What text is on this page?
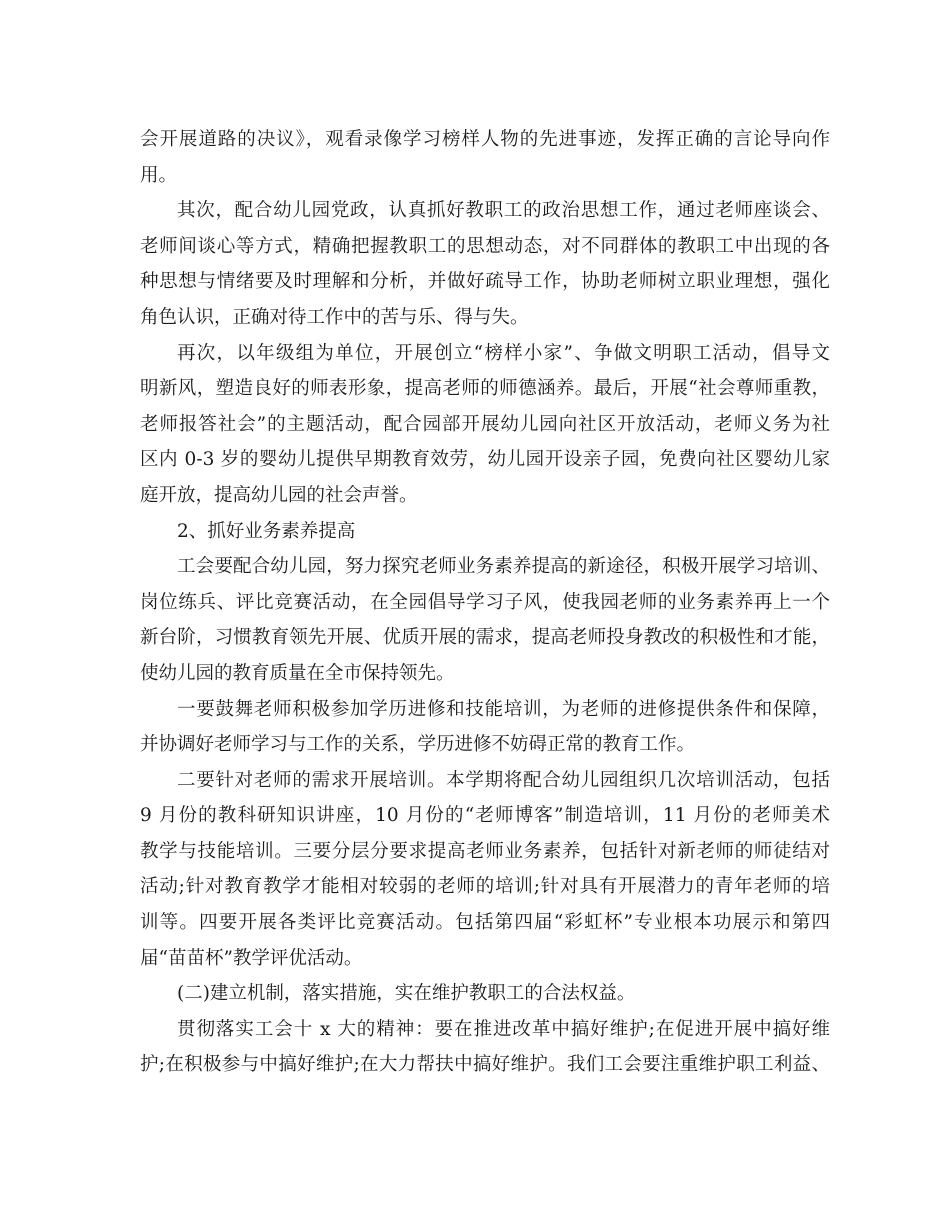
会开展道路的决议》，观看录像学习榜样人物的先进事迹，发挥正确的言论导向作
用。
其次，配合幼儿园党政，认真抓好教职工的政治思想工作，通过老师座谈会、
老师间谈心等方式，精确把握教职工的思想动态，对不同群体的教职工中出现的各
种思想与情绪要及时理解和分析，并做好疏导工作，协助老师树立职业理想，强化
角色认识，正确对待工作中的苦与乐、得与失。
再次，以年级组为单位，开展创立“榜样小家”、争做文明职工活动，倡导文
明新风，塑造良好的师表形象，提高老师的师德涵养。最后，开展“社会尊师重教，
老师报答社会”的主题活动，配合园部开展幼儿园向社区开放活动，老师义务为社
区内 0-3 岁的婴幼儿提供早期教育效劳，幼儿园开设亲子园，免费向社区婴幼儿家
庭开放，提高幼儿园的社会声誉。
2、抓好业务素养提高
工会要配合幼儿园，努力探究老师业务素养提高的新途径，积极开展学习培训、
岗位练兵、评比竞赛活动，在全园倡导学习子风，使我园老师的业务素养再上一个
新台阶，习惯教育领先开展、优质开展的需求，提高老师投身教改的积极性和才能，
使幼儿园的教育质量在全市保持领先。
一要鼓舞老师积极参加学历进修和技能培训，为老师的进修提供条件和保障，
并协调好老师学习与工作的关系，学历进修不妨碍正常的教育工作。
二要针对老师的需求开展培训。本学期将配合幼儿园组织几次培训活动，包括
9 月份的教科研知识讲座，10 月份的“老师博客”制造培训，11 月份的老师美术
教学与技能培训。三要分层分要求提高老师业务素养，包括针对新老师的师徒结对
活动;针对教育教学才能相对较弱的老师的培训;针对具有开展潜力的青年老师的培
训等。四要开展各类评比竞赛活动。包括第四届“彩虹杯”专业根本功展示和第四
届“苗苗杯”教学评优活动。
(二)建立机制，落实措施，实在维护教职工的合法权益。
贯彻落实工会十 x 大的精神：要在推进改革中搞好维护;在促进开展中搞好维
护;在积极参与中搞好维护;在大力帮扶中搞好维护。我们工会要注重维护职工利益、
